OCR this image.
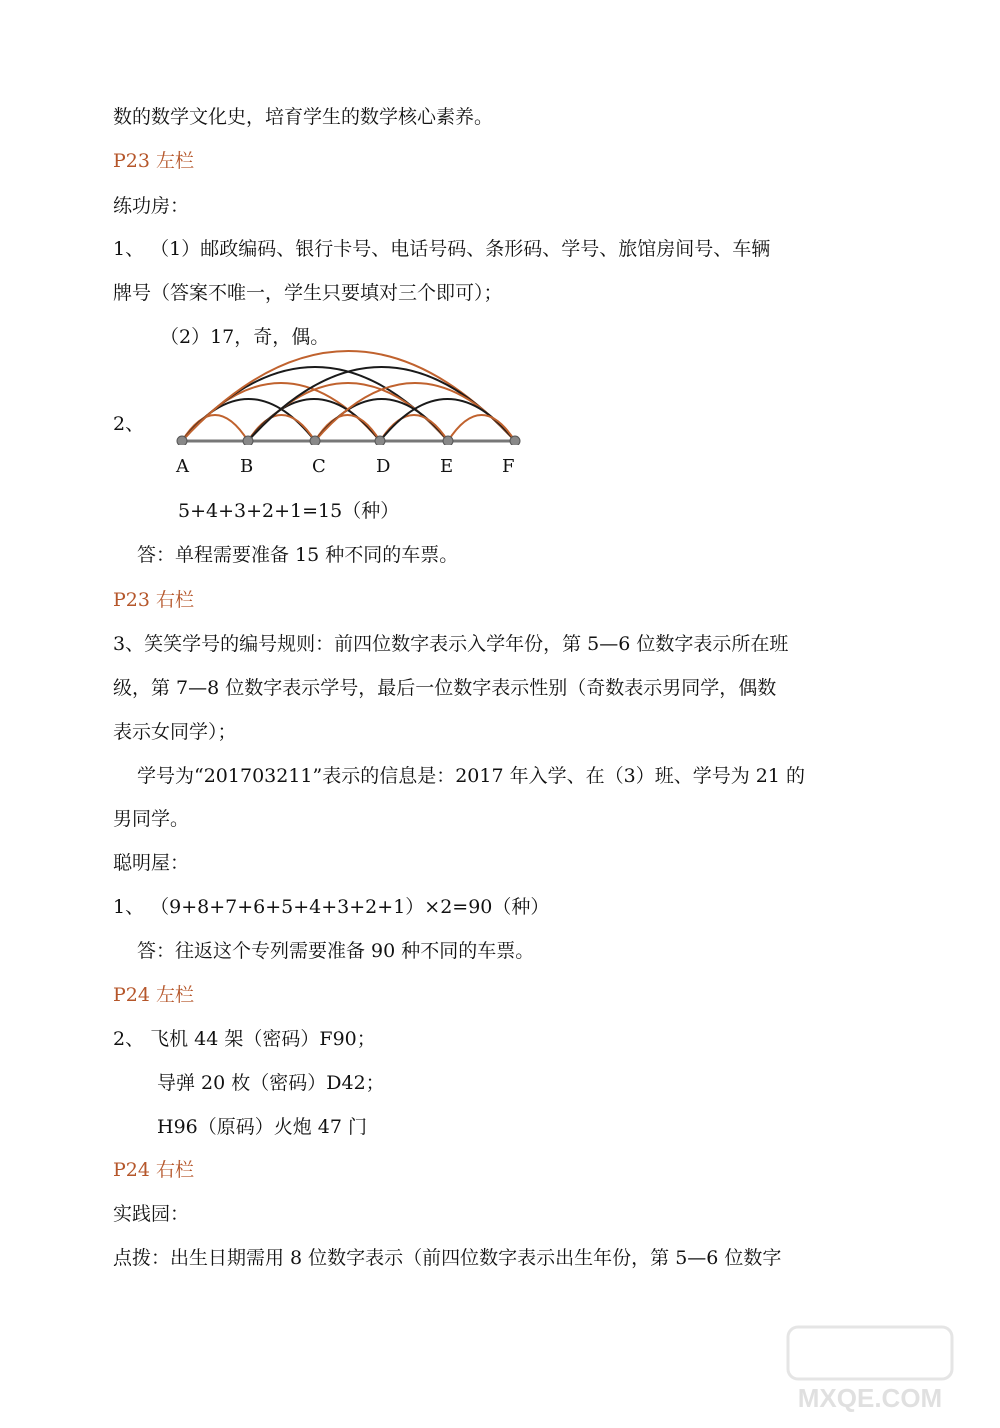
数的数学文化史，培育学生的数学核心素养。
P23 左栏
练功房：
1、 （1）邮政编码、银行卡号、电话号码、条形码、学号、旅馆房间号、车辆
牌号（答案不唯一，学生只要填对三个即可）；
（2）17，奇，偶。
2、
A	B	C	D	E	F
5+4+3+2+1=15（种）
答：单程需要准备 15 种不同的车票。
P23 右栏
3、笑笑学号的编号规则：前四位数字表示入学年份，第 5—6 位数字表示所在班
级，第 7—8 位数字表示学号，最后一位数字表示性别（奇数表示男同学，偶数
表示女同学）；
学号为“201703211”表示的信息是：2017 年入学、在（3）班、学号为 21 的
男同学。
聪明屋：
1、 （9+8+7+6+5+4+3+2+1）×2=90（种）
答：往返这个专列需要准备 90 种不同的车票。
P24 左栏
2、 飞机 44 架（密码）F90；
导弹 20 枚（密码）D42；
H96（原码）火炮 47 门
P24 右栏
实践园：
点拨：出生日期需用 8 位数字表示（前四位数字表示出生年份，第 5—6 位数字
MXQE.COM
